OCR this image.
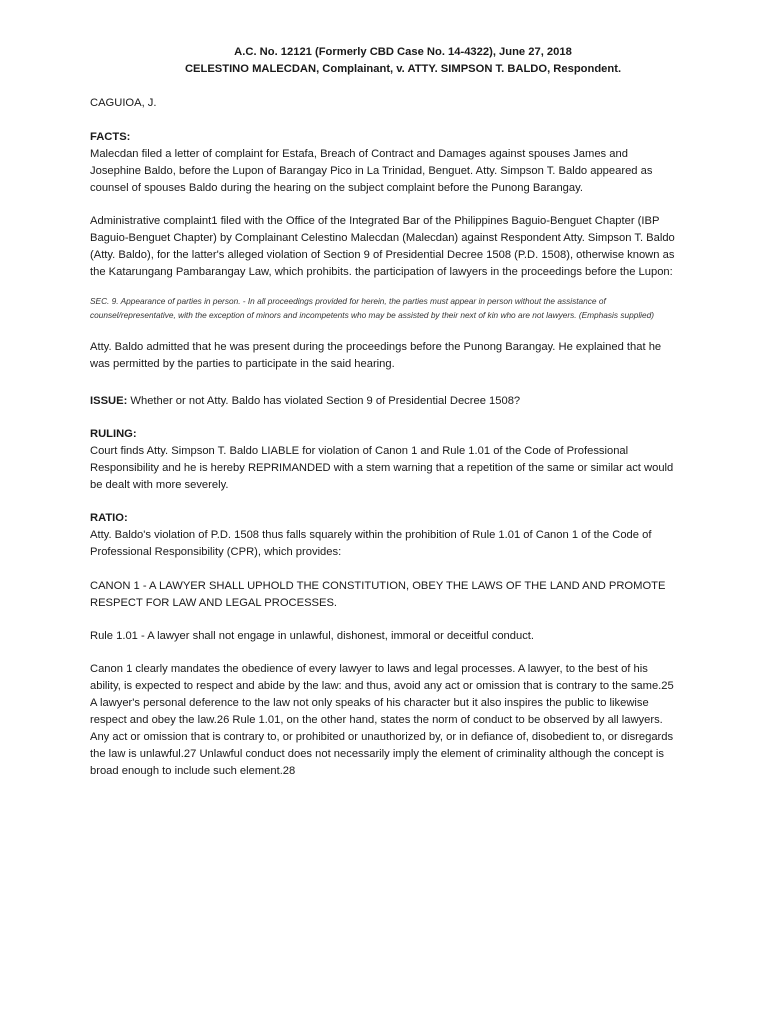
A.C. No. 12121 (Formerly CBD Case No. 14-4322), June 27, 2018
CELESTINO MALECDAN, Complainant, v. ATTY. SIMPSON T. BALDO, Respondent.

CAGUIOA, J.

FACTS:

Malecdan filed a letter of complaint for Estafa, Breach of Contract and Damages against spouses James and Josephine Baldo, before the Lupon of Barangay Pico in La Trinidad, Benguet. Atty. Simpson T. Baldo appeared as counsel of spouses Baldo during the hearing on the subject complaint before the Punong Barangay.

Administrative complaint1 filed with the Office of the Integrated Bar of the Philippines Baguio-Benguet Chapter (IBP Baguio-Benguet Chapter) by Complainant Celestino Malecdan (Malecdan) against Respondent Atty. Simpson T. Baldo (Atty. Baldo), for the latter's alleged violation of Section 9 of Presidential Decree 1508 (P.D. 1508), otherwise known as the Katarungang Pambarangay Law, which prohibits. the participation of lawyers in the proceedings before the Lupon:

SEC. 9. Appearance of parties in person. - In all proceedings provided for herein, the parties must appear in person without the assistance of counsel/representative, with the exception of minors and incompetents who may be assisted by their next of kin who are not lawyers. (Emphasis supplied)

Atty. Baldo admitted that he was present during the proceedings before the Punong Barangay. He explained that he was permitted by the parties to participate in the said hearing.

ISSUE: Whether or not Atty. Baldo has violated Section 9 of Presidential Decree 1508?

RULING:

Court finds Atty. Simpson T. Baldo LIABLE for violation of Canon 1 and Rule 1.01 of the Code of Professional Responsibility and he is hereby REPRIMANDED with a stem warning that a repetition of the same or similar act would be dealt with more severely.

RATIO:

Atty. Baldo's violation of P.D. 1508 thus falls squarely within the prohibition of Rule 1.01 of Canon 1 of the Code of Professional Responsibility (CPR), which provides:

CANON 1 - A LAWYER SHALL UPHOLD THE CONSTITUTION, OBEY THE LAWS OF THE LAND AND PROMOTE RESPECT FOR LAW AND LEGAL PROCESSES.

Rule 1.01 - A lawyer shall not engage in unlawful, dishonest, immoral or deceitful conduct.

Canon 1 clearly mandates the obedience of every lawyer to laws and legal processes. A lawyer, to the best of his ability, is expected to respect and abide by the law: and thus, avoid any act or omission that is contrary to the same.25 A lawyer's personal deference to the law not only speaks of his character but it also inspires the public to likewise respect and obey the law.26 Rule 1.01, on the other hand, states the norm of conduct to be observed by all lawyers. Any act or omission that is contrary to, or prohibited or unauthorized by, or in defiance of, disobedient to, or disregards the law is unlawful.27 Unlawful conduct does not necessarily imply the element of criminality although the concept is broad enough to include such element.28
